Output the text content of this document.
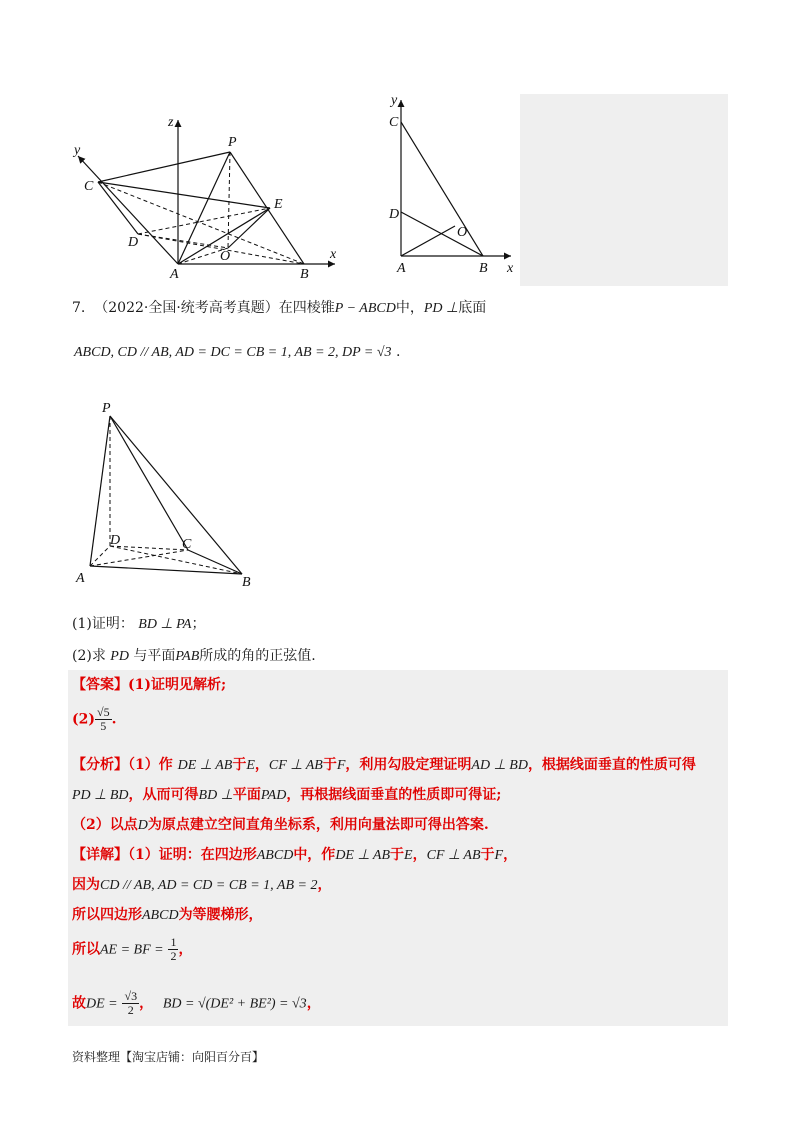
z
y
x
P
C
E
D
O
A	B
y
C
D
O
A	B x
7. （2022·全国·统考高考真题）在四棱锥P − ABCD中，PD ⊥底面
ABCD, CD // AB, AD = DC = CB = 1, AB = 2, DP = √3 .
P
D	C
A	B
(1)证明： BD ⊥ PA；
(2)求 PD 与平面PAB所成的角的正弦值.
【答案】(1)证明见解析;
$(2) \frac{√5}{5}$ .
【分析】（1）作 DE ⊥ AB于E，CF ⊥ AB于F，利用勾股定理证明AD ⊥ BD，根据线面垂直的性质可得
PD ⊥ BD，从而可得BD ⊥平面PAD，再根据线面垂直的性质即可得证;
（2）以点D为原点建立空间直角坐标系，利用向量法即可得出答案.
【详解】（1）证明：在四边形ABCD中，作DE ⊥ AB于E，CF ⊥ AB于F，
因为CD // AB, AD = CD = CB = 1, AB = 2，
所以四边形ABCD为等腰梯形，
所以AE = BF = $\frac{1}{2}$ ，
故DE = $\frac{√3}{2}$ ， BD = √(DE² + BE²) = √3，
资料整理【淘宝店铺：向阳百分百】
